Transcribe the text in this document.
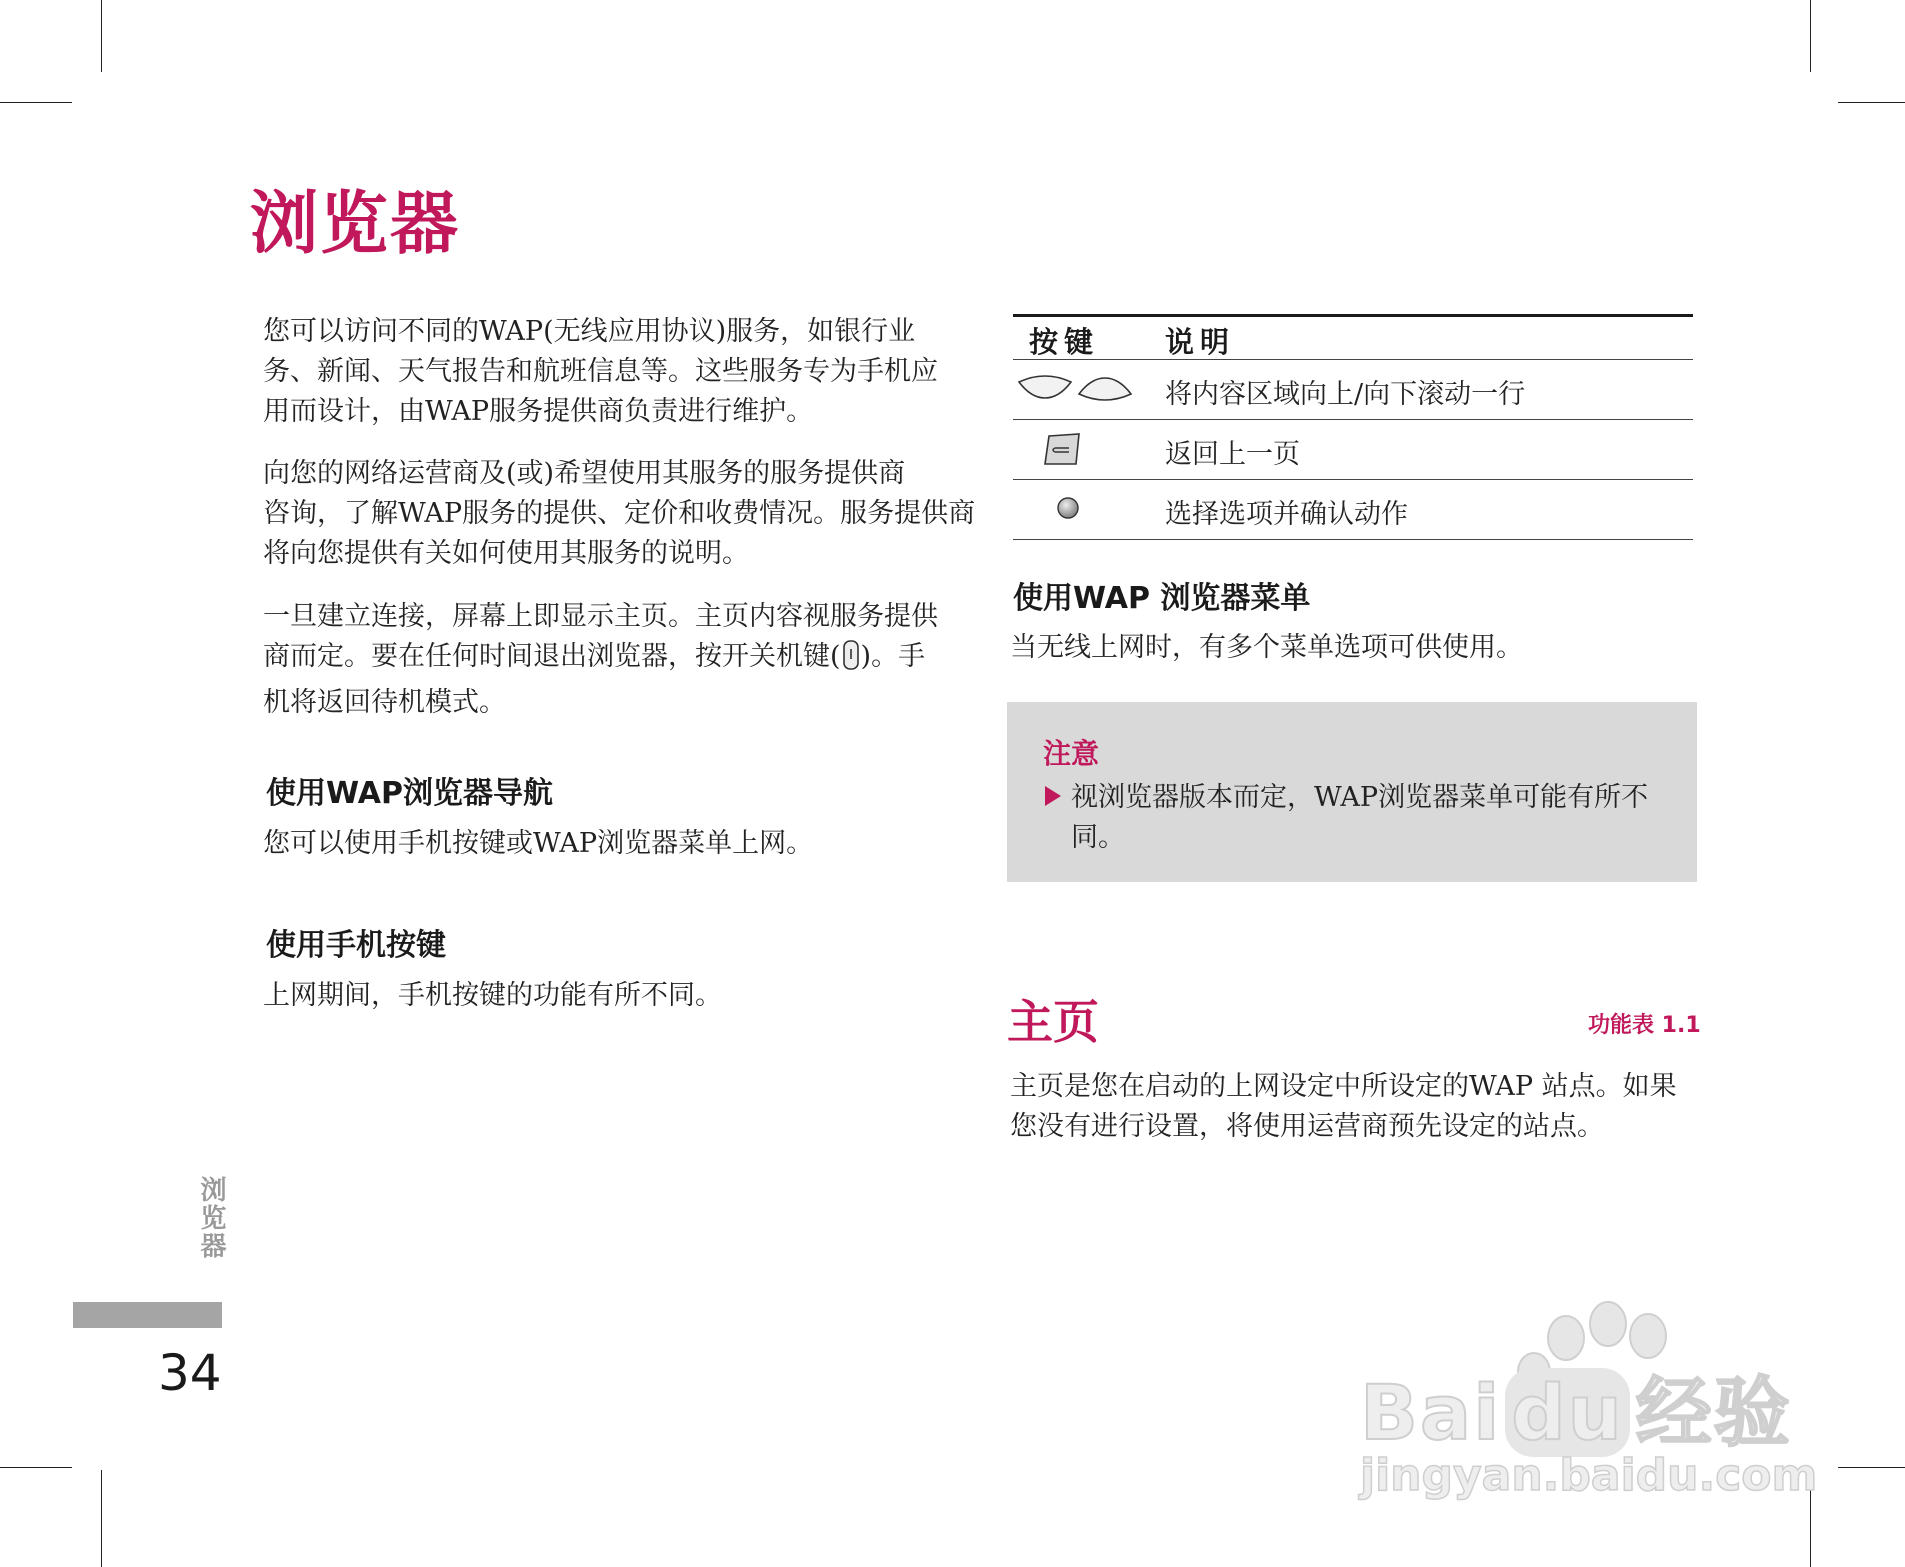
浏览器
您可以访问不同的WAP(无线应用协议)服务，如银行业
务、新闻、天气报告和航班信息等。这些服务专为手机应
用而设计，由WAP服务提供商负责进行维护。
向您的网络运营商及(或)希望使用其服务的服务提供商
咨询，了解WAP服务的提供、定价和收费情况。服务提供商
将向您提供有关如何使用其服务的说明。
一旦建立连接，屏幕上即显示主页。主页内容视服务提供
商而定。要在任何时间退出浏览器，按开关机键( )。手
机将返回待机模式。
使用WAP浏览器导航

您可以使用手机按键或WAP浏览器菜单上网。

使用手机按键

上网期间，手机按键的功能有所不同。

按键 说明
将内容区域向上/向下滚动一行
返回上一页
选择选项并确认动作
使用WAP 浏览器菜单

当无线上网时，有多个菜单选项可供使用。

注意
视浏览器版本而定，WAP浏览器菜单可能有所不
同。
主页	功能表 1.1
主页是您在启动的上网设定中所设定的WAP 站点。如果
您没有进行设置，将使用运营商预先设定的站点。
浏览器
34	Bai du 经验
jingyan.baidu.com
